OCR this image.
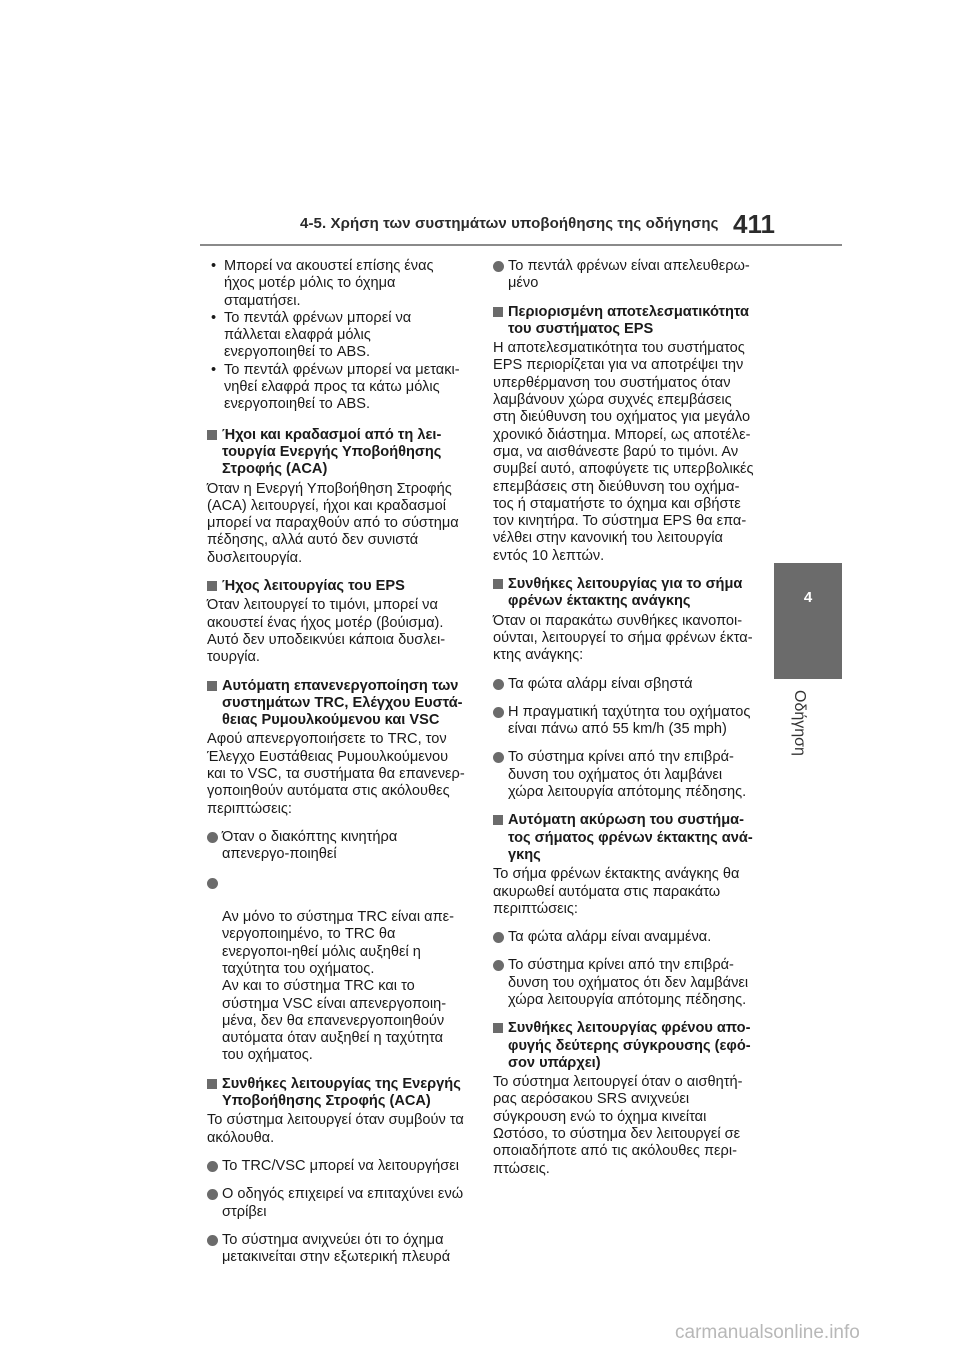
4-5. Χρήση των συστημάτων υποβοήθησης της οδήγησης 411
4
Οδήγηση
• Μπορεί να ακουστεί επίσης ένας ήχος μοτέρ μόλις το όχημα σταματήσει.
• Το πεντάλ φρένων μπορεί να πάλλεται ελαφρά μόλις ενεργοποιηθεί το ABS.
• Το πεντάλ φρένων μπορεί να μετακι-νηθεί ελαφρά προς τα κάτω μόλις ενεργοποιηθεί το ABS.
Ήχοι και κραδασμοί από τη λει-τουργία Ενεργής Υποβοήθησης Στροφής (ACA)

Όταν η Ενεργή Υποβοήθηση Στροφής (ACA) λειτουργεί, ήχοι και κραδασμοί μπορεί να παραχθούν από το σύστημα πέδησης, αλλά αυτό δεν συνιστά δυσλειτουργία.

Ήχος λειτουργίας του EPS

Όταν λειτουργεί το τιμόνι, μπορεί να ακουστεί ένας ήχος μοτέρ (βούισμα). Αυτό δεν υποδεικνύει κάποια δυσλει-τουργία.

Αυτόματη επανενεργοποίηση των συστημάτων TRC, Ελέγχου Ευστά-θειας Ρυμουλκούμενου και VSC

Αφού απενεργοποιήσετε το TRC, τον Έλεγχο Ευστάθειας Ρυμουλκούμενου και το VSC, τα συστήματα θα επανενερ-γοποιηθούν αυτόματα στις ακόλουθες περιπτώσεις:

Όταν ο διακόπτης κινητήρα απενεργο-ποιηθεί

Αν μόνο το σύστημα TRC είναι απε-νεργοποιημένο, το TRC θα ενεργοποι-ηθεί μόλις αυξηθεί η ταχύτητα του οχήματος.
Αν και το σύστημα TRC και το σύστημα VSC είναι απενεργοποιη-μένα, δεν θα επανενεργοποιηθούν αυτόματα όταν αυξηθεί η ταχύτητα του οχήματος.

Συνθήκες λειτουργίας της Ενεργής Υποβοήθησης Στροφής (ACA)

Το σύστημα λειτουργεί όταν συμβούν τα ακόλουθα.

Το TRC/VSC μπορεί να λειτουργήσει
Ο οδηγός επιχειρεί να επιταχύνει ενώ στρίβει
Το σύστημα ανιχνεύει ότι το όχημα μετακινείται στην εξωτερική πλευρά
Το πεντάλ φρένων είναι απελευθερω-μένο
Περιορισμένη αποτελεσματικότητα του συστήματος EPS

Η αποτελεσματικότητα του συστήματος EPS περιορίζεται για να αποτρέψει την υπερθέρμανση του συστήματος όταν λαμβάνουν χώρα συχνές επεμβάσεις στη διεύθυνση του οχήματος για μεγάλο χρονικό διάστημα. Μπορεί, ως αποτέλε-σμα, να αισθάνεστε βαρύ το τιμόνι. Αν συμβεί αυτό, αποφύγετε τις υπερβολικές επεμβάσεις στη διεύθυνση του οχήμα-τος ή σταματήστε το όχημα και σβήστε τον κινητήρα. Το σύστημα EPS θα επα-νέλθει στην κανονική του λειτουργία εντός 10 λεπτών.

Συνθήκες λειτουργίας για το σήμα φρένων έκτακτης ανάγκης

Όταν οι παρακάτω συνθήκες ικανοποι-ούνται, λειτουργεί το σήμα φρένων έκτα-κτης ανάγκης:

Τα φώτα αλάρμ είναι σβηστά
Η πραγματική ταχύτητα του οχήματος είναι πάνω από 55 km/h (35 mph)
Το σύστημα κρίνει από την επιβρά-δυνση του οχήματος ότι λαμβάνει χώρα λειτουργία απότομης πέδησης.
Αυτόματη ακύρωση του συστήμα-τος σήματος φρένων έκτακτης ανά-γκης

Το σήμα φρένων έκτακτης ανάγκης θα ακυρωθεί αυτόματα στις παρακάτω περιπτώσεις:

Τα φώτα αλάρμ είναι αναμμένα.
Το σύστημα κρίνει από την επιβρά-δυνση του οχήματος ότι δεν λαμβάνει χώρα λειτουργία απότομης πέδησης.
Συνθήκες λειτουργίας φρένου απο-φυγής δεύτερης σύγκρουσης (εφό-σον υπάρχει)

Το σύστημα λειτουργεί όταν ο αισθητή-ρας αερόσακου SRS ανιχνεύει σύγκρουση ενώ το όχημα κινείται Ωστόσο, το σύστημα δεν λειτουργεί σε οποιαδήποτε από τις ακόλουθες περι-πτώσεις.

carmanualsonline.info
